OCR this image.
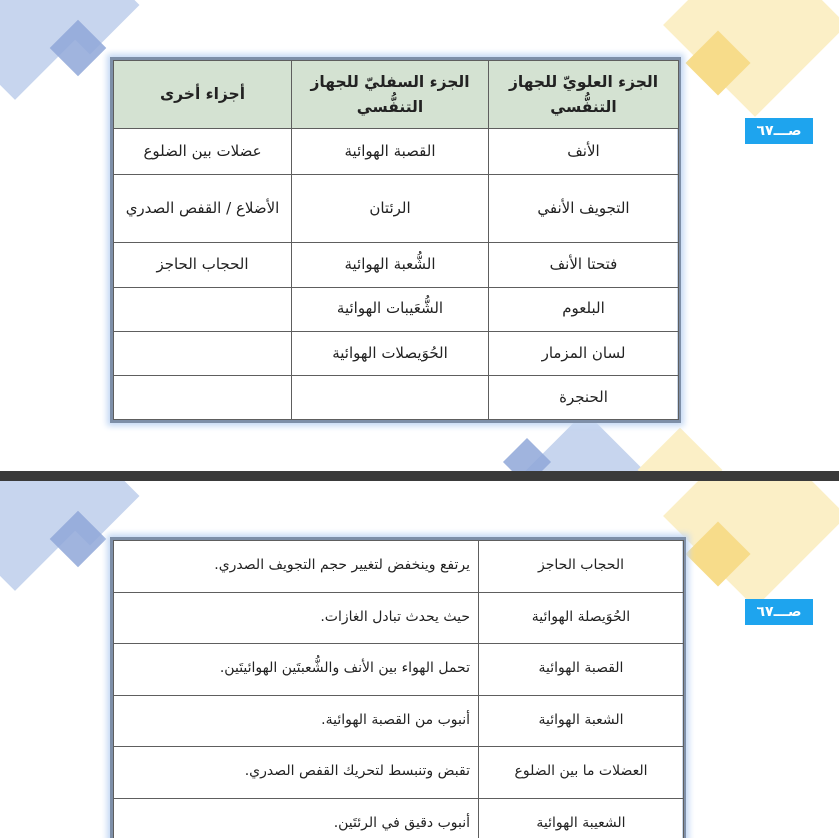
صـــ٦٧
الجزء العلويّ للجهاز التنفُّسي	الجزء السفليّ للجهاز التنفُّسي	أجزاء أخرى
الأنف	القصبة الهوائية	عضلات بين الضلوع
التجويف الأنفي	الرئتان	الأضلاع / القفص الصدري
فتحتا الأنف	الشُّعبة الهوائية	الحجاب الحاجز
البلعوم	الشُّعَيبات الهوائية	
لسان المزمار	الحُوَيصلات الهوائية	
الحنجرة		
صـــ٦٧
الحجاب الحاجز	يرتفع وينخفض لتغيير حجم التجويف الصدري.
الحُوَيصلة الهوائية	حيث يحدث تبادل الغازات.
القصبة الهوائية	تحمل الهواء بين الأنف والشُّعبتَين الهوائيتَين.
الشعبة الهوائية	أنبوب من القصبة الهوائية.
العضلات ما بين الضلوع	تقبض وتنبسط لتحريك القفص الصدري.
الشعيبة الهوائية	أنبوب دقيق في الرئتَين.
